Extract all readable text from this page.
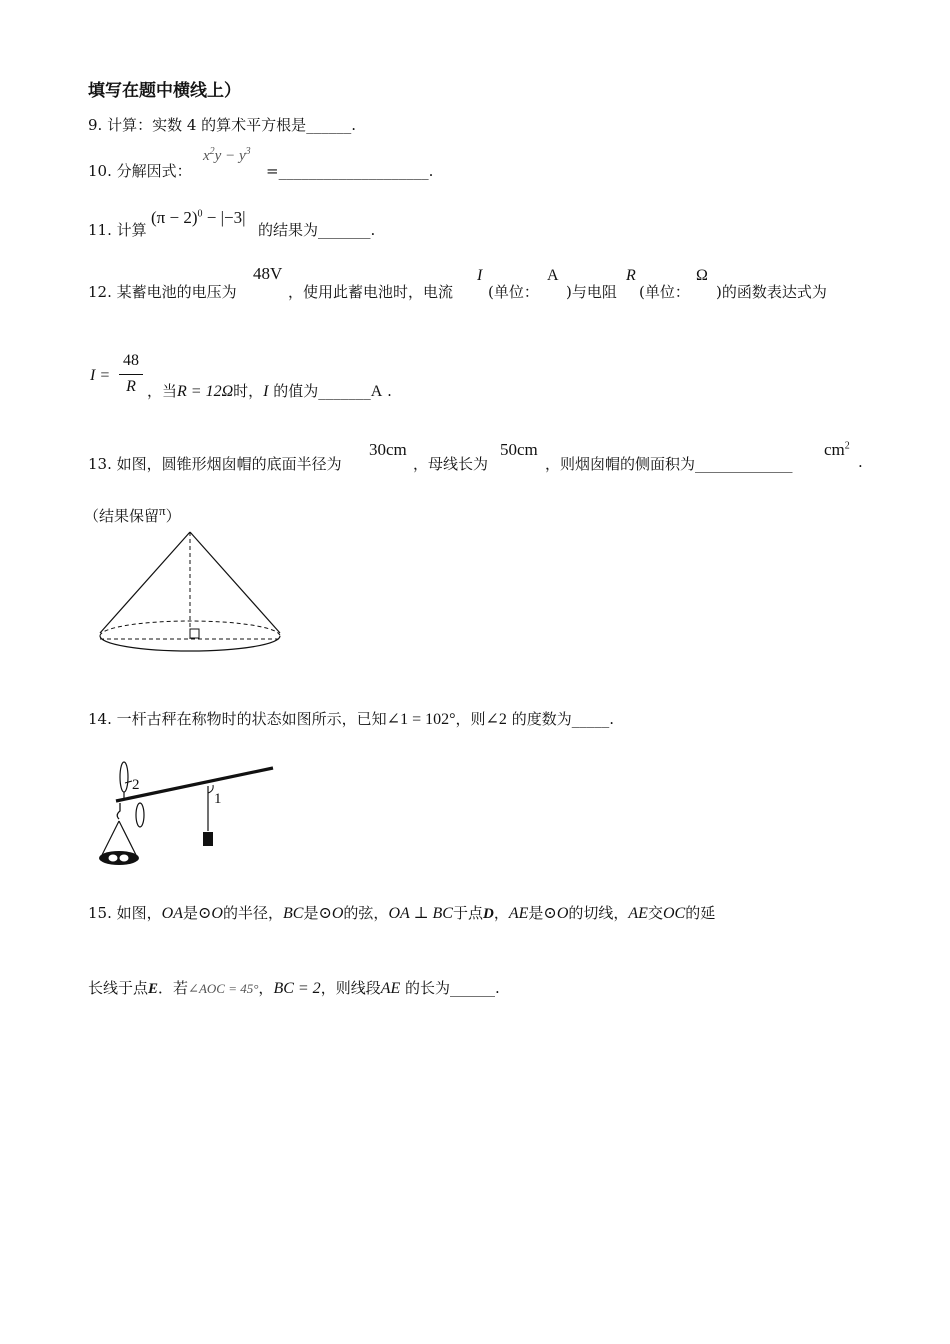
填写在题中横线上）
9. 计算：实数 4 的算术平方根是______.
10. 分解因式：
$x^2y - y^3$
=____________________.
11. 计算
$(\pi - 2)^0 - |-3|$
的结果为_______.
12. 某蓄电池的电压为
48V
，使用此蓄电池时，电流
I
(单位：
A
)与电阻
R
(单位：
Ω
)的函数表达式为
I =
48
R ，当R = 12Ω时，I 的值为_______A .
13. 如图，圆锥形烟囱帽的底面半径为
30cm
，母线长为
50cm
，则烟囱帽的侧面积为_____________
$cm^2$
.
（结果保留$^\pi$）
14. 一杆古秤在称物时的状态如图所示，已知∠1 = 102°，则∠2 的度数为_____.
2
1
15. 如图，OA是⊙O的半径，BC是⊙O的弦，OA ⊥ BC于点D，AE是⊙O的切线，AE交OC的延
长线于点E．若∠AOC = 45°，BC = 2，则线段AE 的长为______.
